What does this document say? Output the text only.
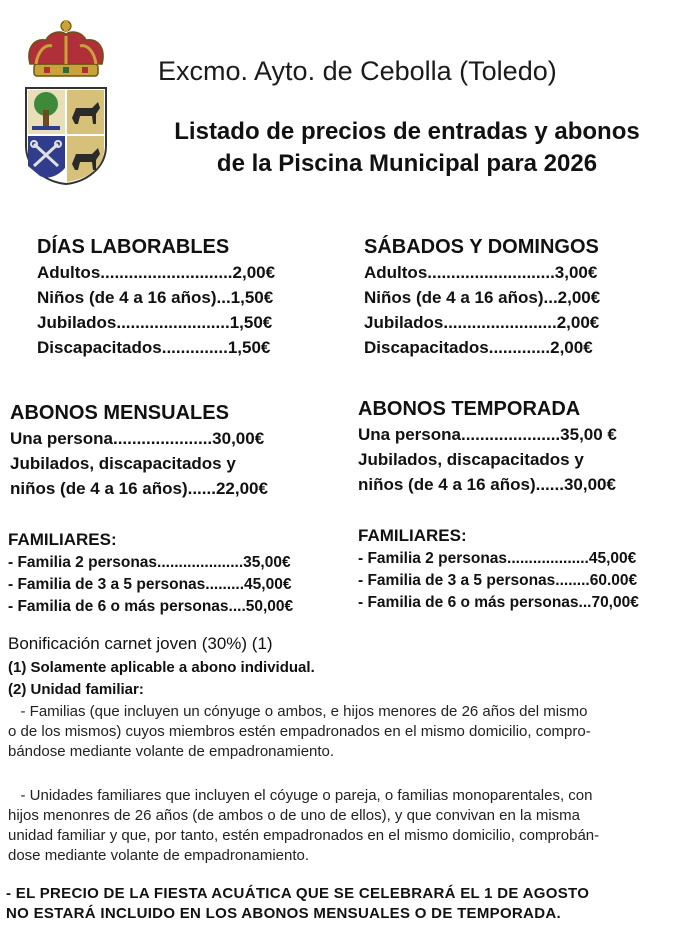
Excmo. Ayto. de Cebolla (Toledo)
Listado de precios de entradas y abonos
de la Piscina Municipal para 2026
DÍAS LABORABLES
Adultos............................2,00€
Niños (de 4 a 16 años)...1,50€
Jubilados........................1,50€
Discapacitados..............1,50€
SÁBADOS Y DOMINGOS
Adultos...........................3,00€
Niños (de 4 a 16 años)...2,00€
Jubilados........................2,00€
Discapacitados.............2,00€
ABONOS MENSUALES
Una persona.....................30,00€
Jubilados, discapacitados y
niños (de 4 a 16 años)......22,00€
ABONOS TEMPORADA
Una persona.....................35,00 €
Jubilados, discapacitados y
niños (de 4 a 16 años)......30,00€
FAMILIARES:
- Familia 2 personas....................35,00€
- Familia de 3 a 5 personas.........45,00€
- Familia de 6 o más personas....50,00€
FAMILIARES:
- Familia 2 personas...................45,00€
- Familia de 3 a 5 personas........60.00€
- Familia de 6 o más personas...70,00€
Bonificación carnet joven (30%) (1)
(1) Solamente aplicable a abono individual.
(2) Unidad familiar:
- Familias (que incluyen un cónyuge o ambos, e hijos menores de 26 años del mismo
o de los mismos) cuyos miembros estén empadronados en el mismo domicilio, compro-
bándose mediante volante de empadronamiento.
- Unidades familiares que incluyen el cóyuge o pareja, o familias monoparentales, con
hijos menonres de 26 años (de ambos o de uno de ellos), y que convivan en la misma
unidad familiar y que, por tanto, estén empadronados en el mismo domicilio, comprobán-
dose mediante volante de empadronamiento.
- EL PRECIO DE LA FIESTA ACUÁTICA QUE SE CELEBRARÁ EL 1 DE AGOSTO
NO ESTARÁ INCLUIDO EN LOS ABONOS MENSUALES O DE TEMPORADA.
